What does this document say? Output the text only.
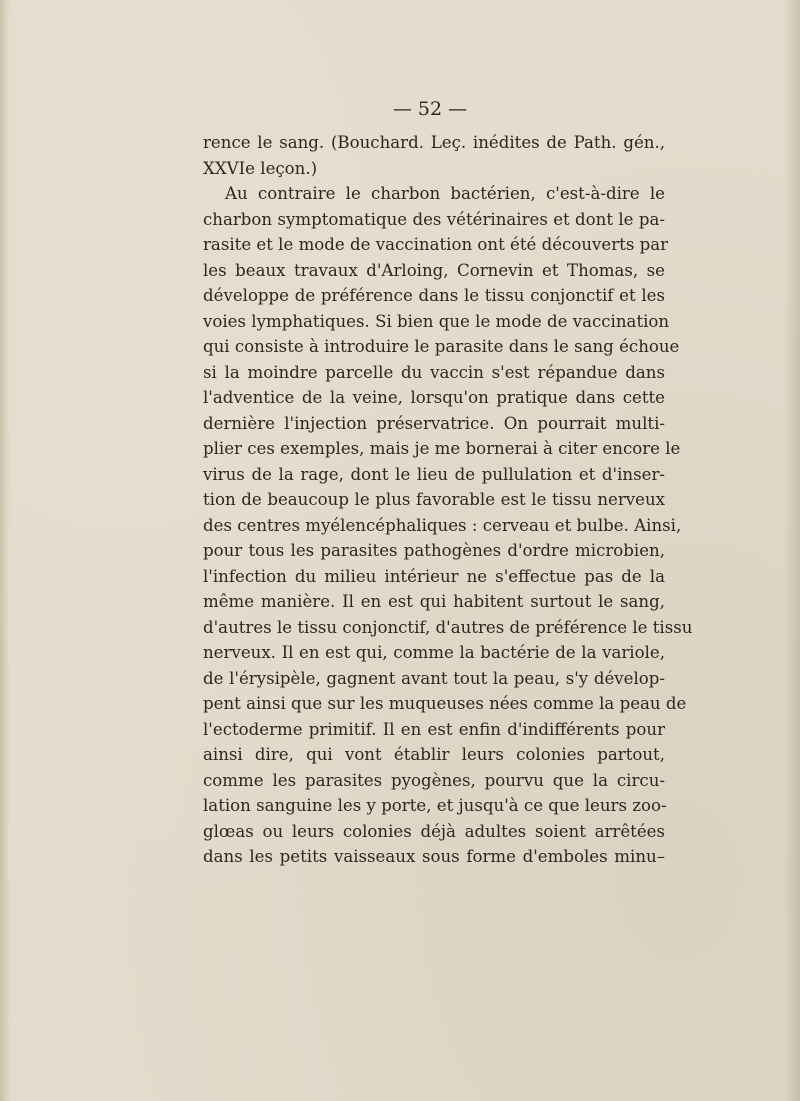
— 52 —
rence le sang. (Bouchard. Leç. inédites de Path. gén.,
XXVIe leçon.)
Au contraire le charbon bactérien, c'est-à-dire le
charbon symptomatique des vétérinaires et dont le pa-
rasite et le mode de vaccination ont été découverts par
les beaux travaux d'Arloing, Cornevin et Thomas, se
développe de préférence dans le tissu conjonctif et les
voies lymphatiques. Si bien que le mode de vaccination
qui consiste à introduire le parasite dans le sang échoue
si la moindre parcelle du vaccin s'est répandue dans
l'adventice de la veine, lorsqu'on pratique dans cette
dernière l'injection préservatrice. On pourrait multi-
plier ces exemples, mais je me bornerai à citer encore le
virus de la rage, dont le lieu de pullulation et d'inser-
tion de beaucoup le plus favorable est le tissu nerveux
des centres myélencéphaliques : cerveau et bulbe. Ainsi,
pour tous les parasites pathogènes d'ordre microbien,
l'infection du milieu intérieur ne s'effectue pas de la
même manière. Il en est qui habitent surtout le sang,
d'autres le tissu conjonctif, d'autres de préférence le tissu
nerveux. Il en est qui, comme la bactérie de la variole,
de l'érysipèle, gagnent avant tout la peau, s'y dévelop-
pent ainsi que sur les muqueuses nées comme la peau de
l'ectoderme primitif. Il en est enfin d'indifférents pour
ainsi dire, qui vont établir leurs colonies partout,
comme les parasites pyogènes, pourvu que la circu-
lation sanguine les y porte, et jusqu'à ce que leurs zoo-
glœas ou leurs colonies déjà adultes soient arrêtées
dans les petits vaisseaux sous forme d'emboles minu–
